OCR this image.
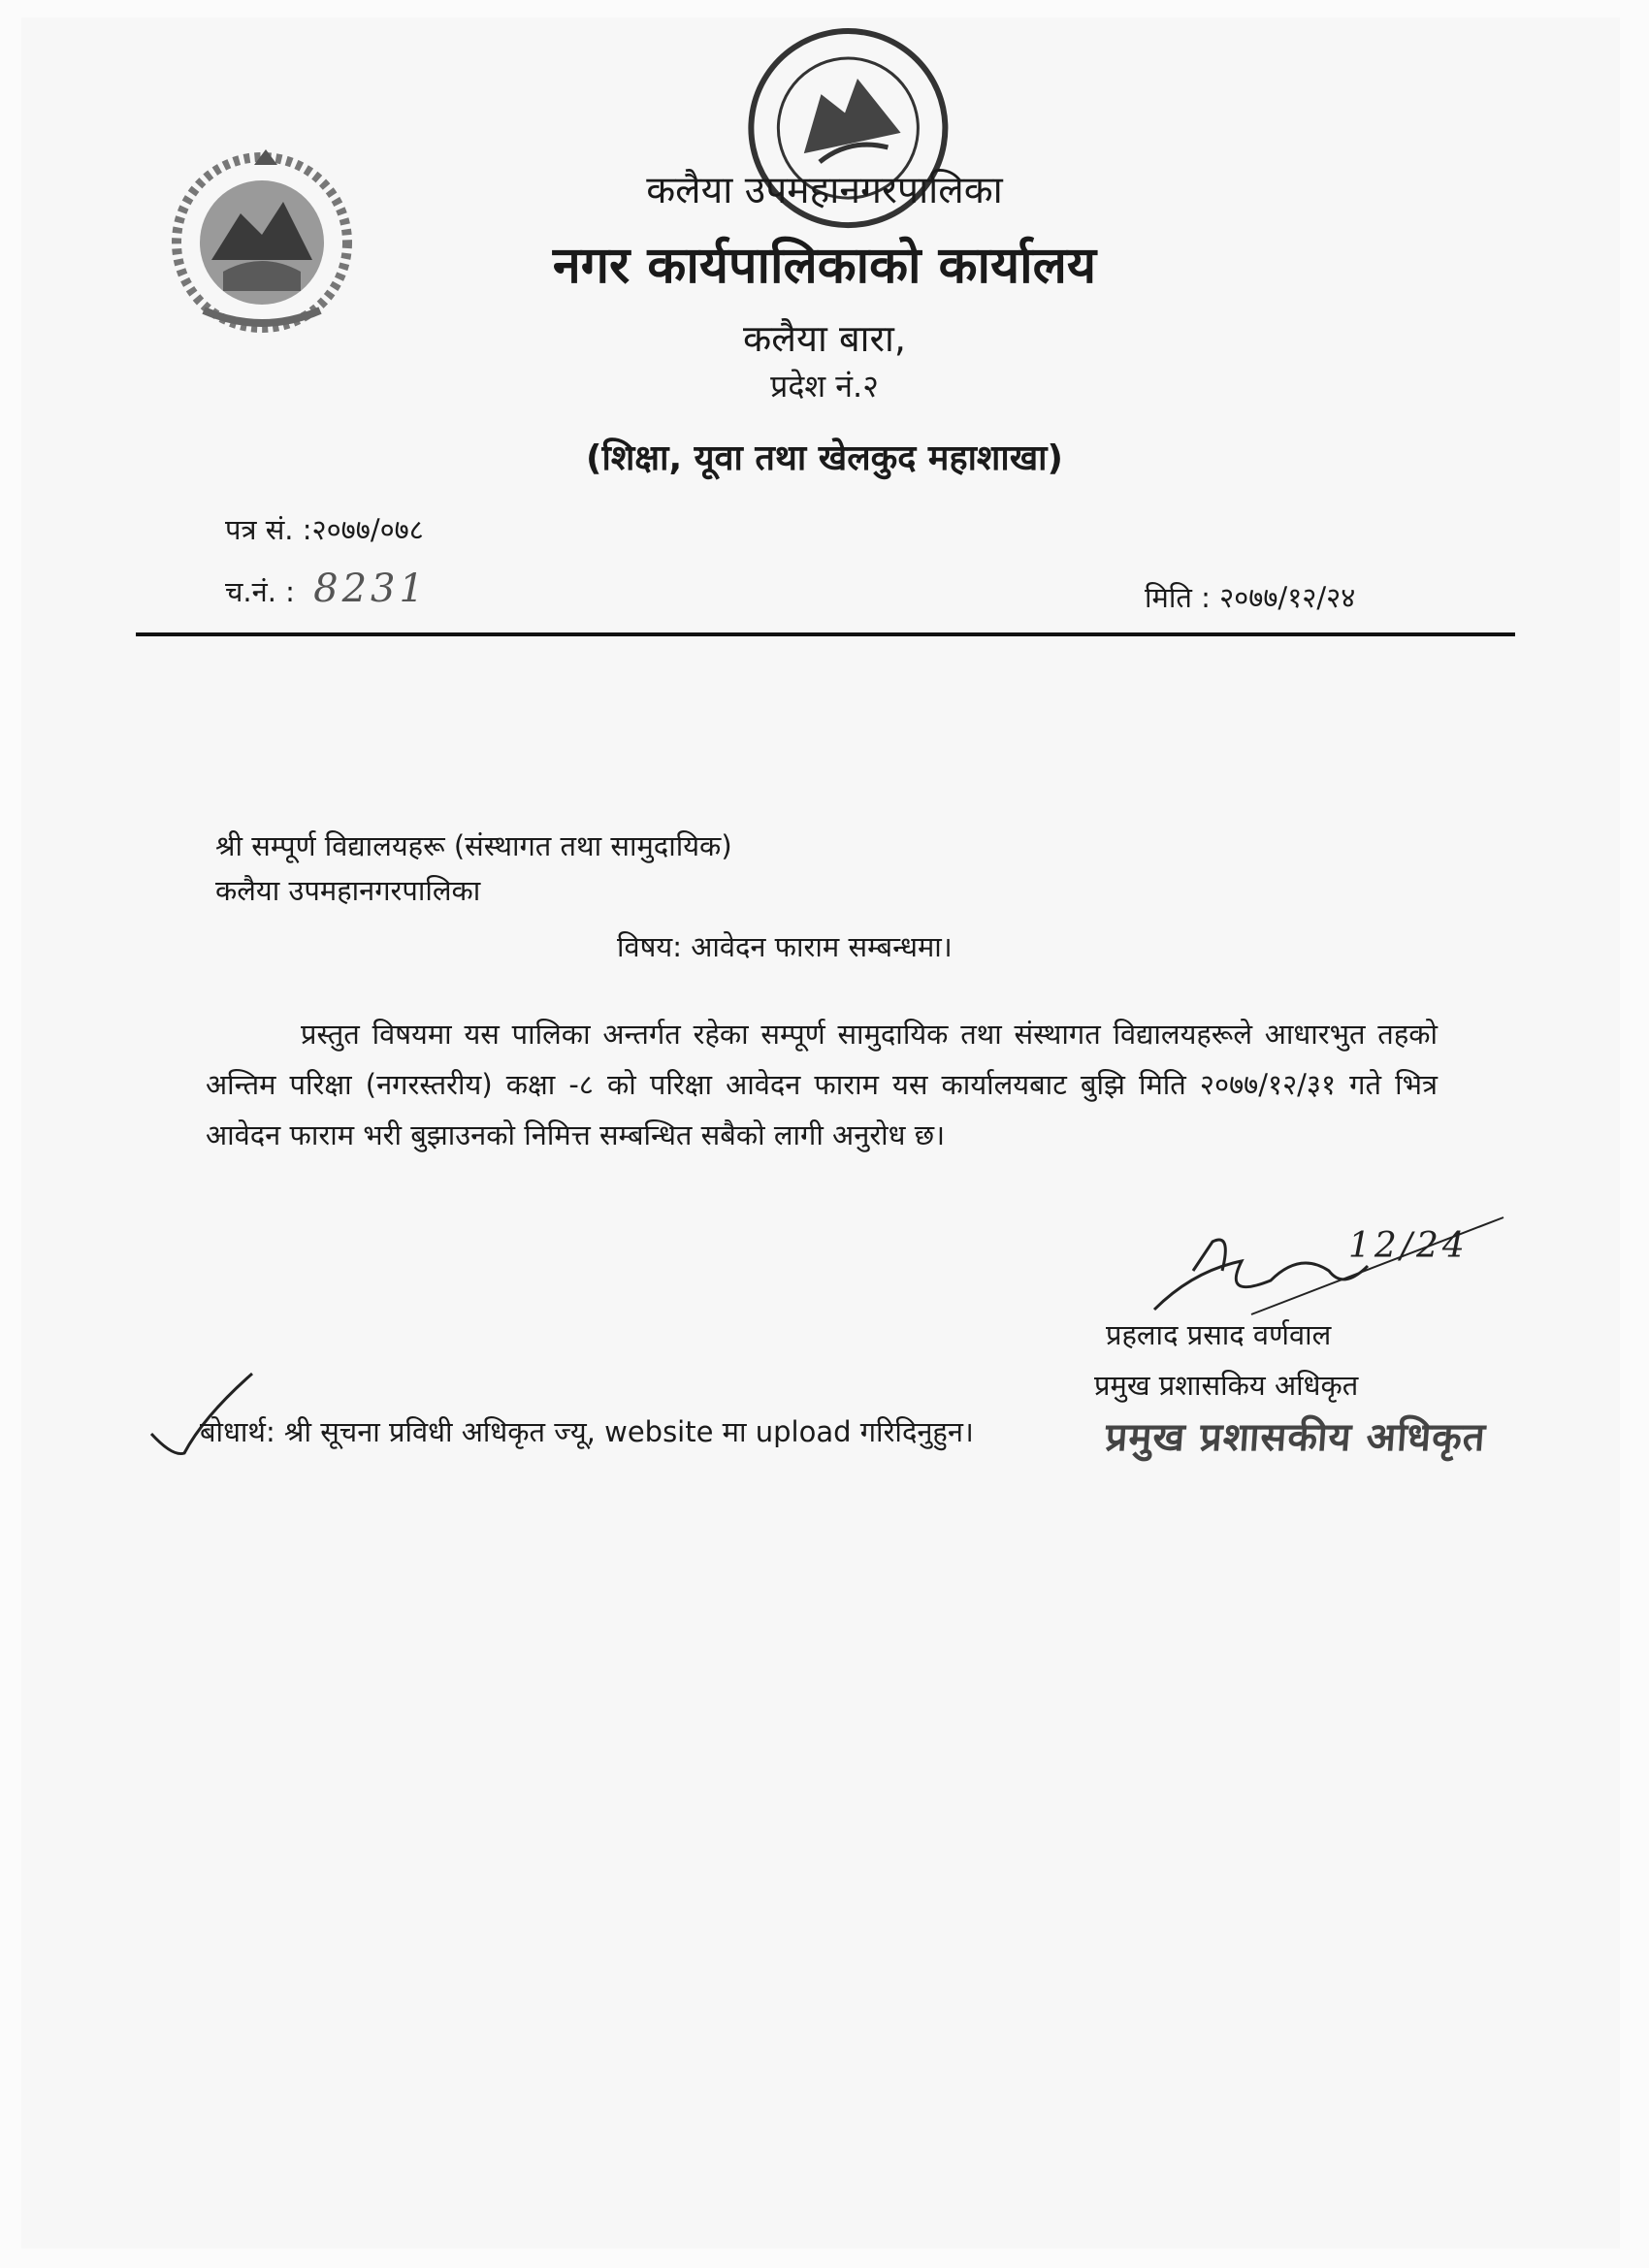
कलैया उपमहानगरपालिका
नगर कार्यपालिकाको कार्यालय
कलैया बारा,
प्रदेश नं.२
(शिक्षा, यूवा तथा खेलकुद महाशाखा)
पत्र सं. :२०७७/०७८
च.नं. : 8231	मिति : २०७७/१२/२४
श्री सम्पूर्ण विद्यालयहरू (संस्थागत तथा सामुदायिक)
कलैया उपमहानगरपालिका
विषय: आवेदन फाराम सम्बन्धमा।
प्रस्तुत विषयमा यस पालिका अन्तर्गत रहेका सम्पूर्ण सामुदायिक तथा संस्थागत विद्यालयहरूले आधारभुत तहको अन्तिम परिक्षा (नगरस्तरीय) कक्षा -८ को परिक्षा आवेदन फाराम यस कार्यालयबाट बुझि मिति २०७७/१२/३१ गते भित्र आवेदन फाराम भरी बुझाउनको निमित्त सम्बन्धित सबैको लागी अनुरोध छ।
12/24
प्रहलाद प्रसाद वर्णवाल
प्रमुख प्रशासकिय अधिकृत
प्रमुख प्रशासकीय अधिकृत
बोधार्थ: श्री सूचना प्रविधी अधिकृत ज्यू, website मा upload गरिदिनुहुन।
